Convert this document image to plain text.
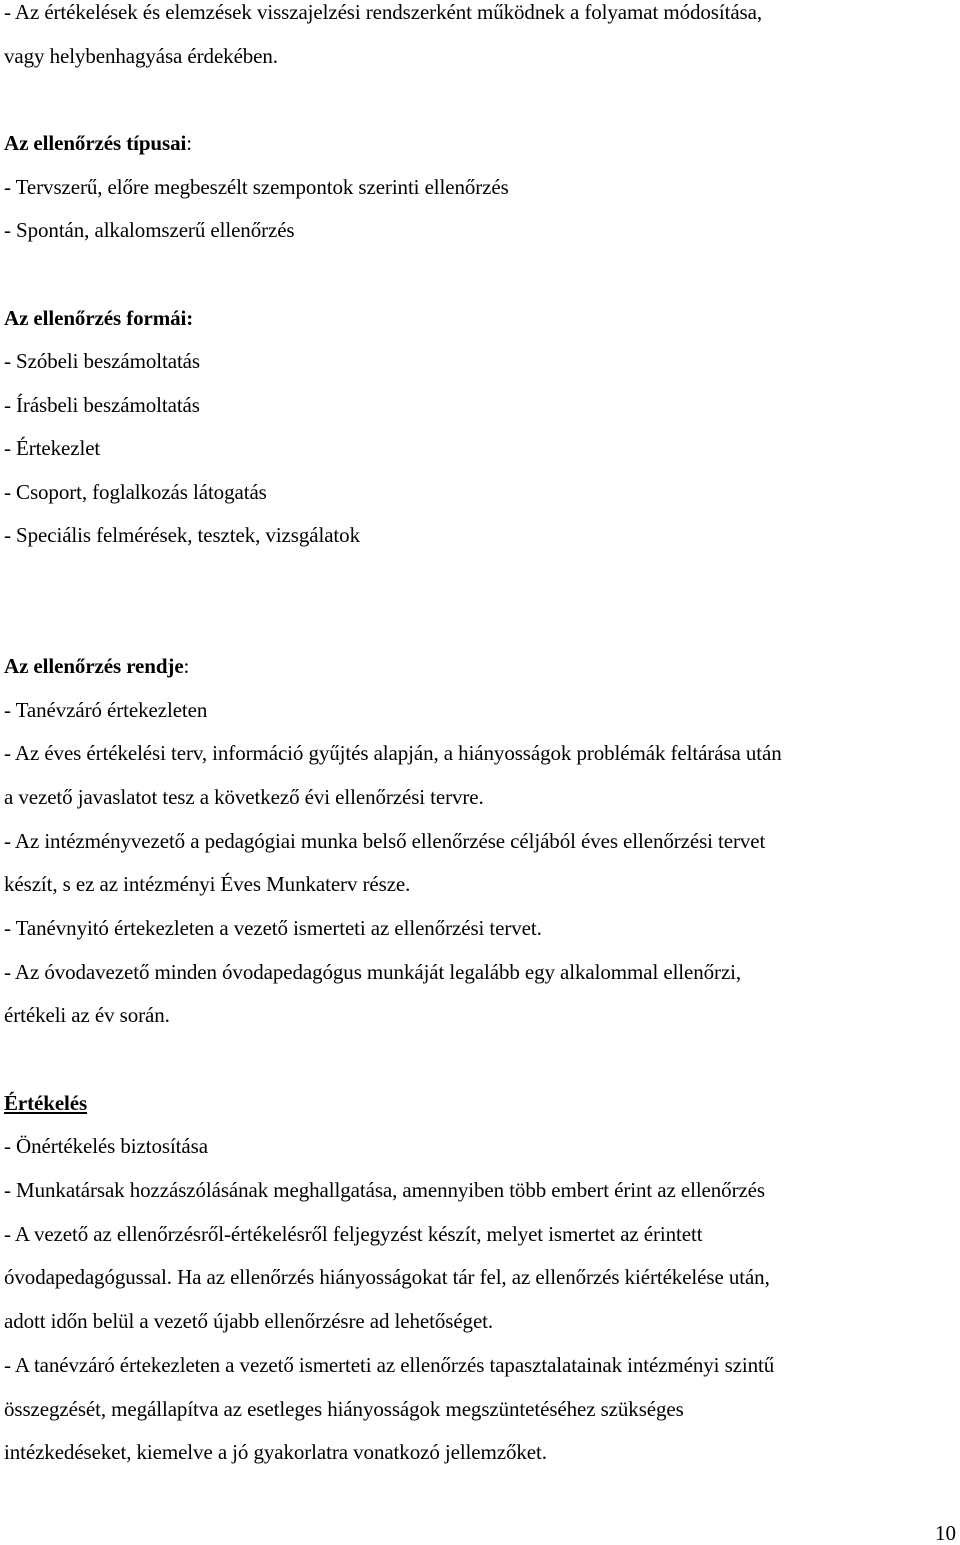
- Az értékelések és elemzések visszajelzési rendszerként működnek a folyamat módosítása,
vagy helybenhagyása érdekében.
Az ellenőrzés típusai:
- Tervszerű, előre megbeszélt szempontok szerinti ellenőrzés
- Spontán, alkalomszerű ellenőrzés
Az ellenőrzés formái:
- Szóbeli beszámoltatás
- Írásbeli beszámoltatás
- Értekezlet
- Csoport, foglalkozás látogatás
- Speciális felmérések, tesztek, vizsgálatok
Az ellenőrzés rendje:
- Tanévzáró értekezleten
- Az éves értékelési terv, információ gyűjtés alapján, a hiányosságok problémák feltárása után
a vezető javaslatot tesz a következő évi ellenőrzési tervre.
- Az intézményvezető a pedagógiai munka belső ellenőrzése céljából éves ellenőrzési tervet
készít, s ez az intézményi Éves Munkaterv része.
- Tanévnyitó értekezleten a vezető ismerteti az ellenőrzési tervet.
- Az óvodavezető minden óvodapedagógus munkáját legalább egy alkalommal ellenőrzi,
értékeli az év során.
Értékelés
- Önértékelés biztosítása
- Munkatársak hozzászólásának meghallgatása, amennyiben több embert érint az ellenőrzés
- A vezető az ellenőrzésről-értékelésről feljegyzést készít, melyet ismertet az érintett
óvodapedagógussal. Ha az ellenőrzés hiányosságokat tár fel, az ellenőrzés kiértékelése után,
adott időn belül a vezető újabb ellenőrzésre ad lehetőséget.
- A tanévzáró értekezleten a vezető ismerteti az ellenőrzés tapasztalatainak intézményi szintű
összegzését, megállapítva az esetleges hiányosságok megszüntetéséhez szükséges
intézkedéseket, kiemelve a jó gyakorlatra vonatkozó jellemzőket.
10
